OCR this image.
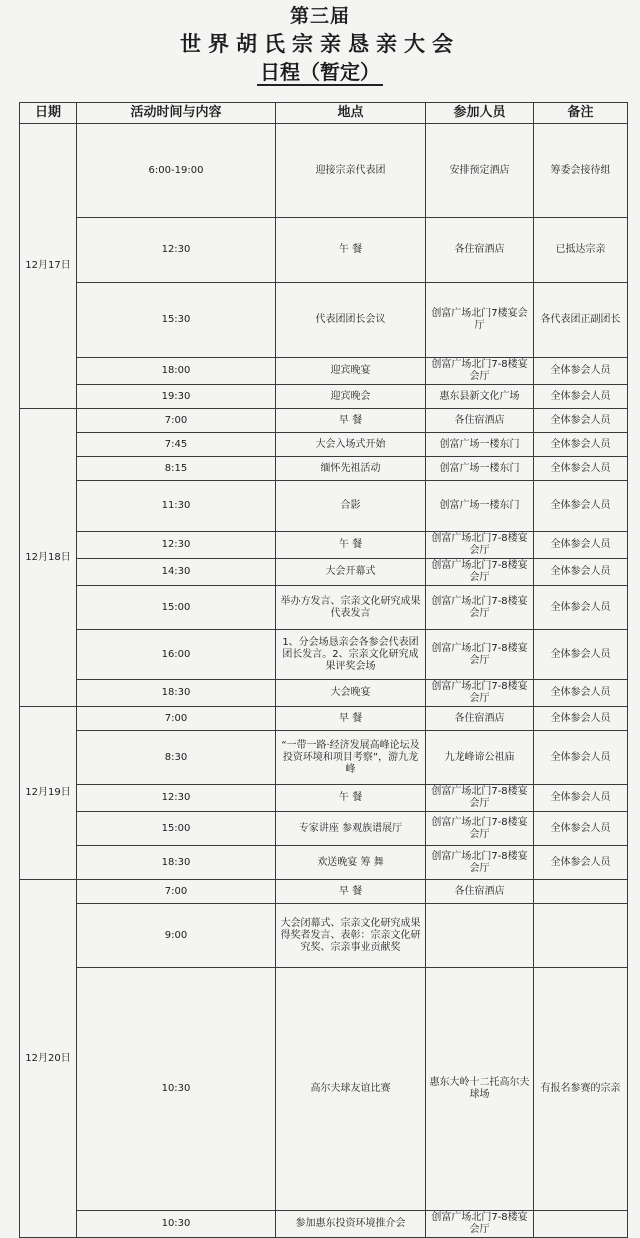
第三届
世界胡氏宗亲恳亲大会
日程（暂定）
日期	活动时间与内容	地点	参加人员	备注	
12月17日	6:00-19:00	迎接宗亲代表团	安排预定酒店	筹委会接待组	
	12:30	午 餐	各住宿酒店	已抵达宗亲	
	15:30	代表团团长会议	创富广场北门7楼宴会厅	各代表团正副团长	
	18:00	迎宾晚宴	创富广场北门7-8楼宴会厅	全体参会人员	
	19:30	迎宾晚会	惠东县新文化广场	全体参会人员	
12月18日	7:00	早 餐	各住宿酒店	全体参会人员	
	7:45	大会入场式开始	创富广场一楼东门	全体参会人员	
	8:15	缅怀先祖活动	创富广场一楼东门	全体参会人员	
	11:30	合影	创富广场一楼东门	全体参会人员	
	12:30	午 餐	创富广场北门7-8楼宴会厅	全体参会人员	
	14:30	大会开幕式	创富广场北门7-8楼宴会厅	全体参会人员	
	15:00	举办方发言、宗亲文化研究成果代表发言	创富广场北门7-8楼宴会厅	全体参会人员	
	16:00	1、分会场恳亲会各参会代表团团长发言。2、宗亲文化研究成果评奖会场	创富广场北门7-8楼宴会厅	全体参会人员	
	18:30	大会晚宴	创富广场北门7-8楼宴会厅	全体参会人员	
12月19日	7:00	早 餐	各住宿酒店	全体参会人员	
	8:30	“一带一路·经济发展高峰论坛及投资环境和项目考察”，游九龙峰	九龙峰谛公祖庙	全体参会人员	
	12:30	午 餐	创富广场北门7-8楼宴会厅	全体参会人员	
	15:00	专家讲座 参观族谱展厅	创富广场北门7-8楼宴会厅	全体参会人员	
	18:30	欢送晚宴 筹 舞	创富广场北门7-8楼宴会厅	全体参会人员	
12月20日	7:00	早 餐	各住宿酒店		
	9:00	大会闭幕式、宗亲文化研究成果得奖者发言、表彰：宗亲文化研究奖、宗亲事业贡献奖			
	10:30	高尔夫球友谊比赛	惠东大岭十二托高尔夫球场	有报名参赛的宗亲	
	10:30	参加惠东投资环境推介会	创富广场北门7-8楼宴会厅		
